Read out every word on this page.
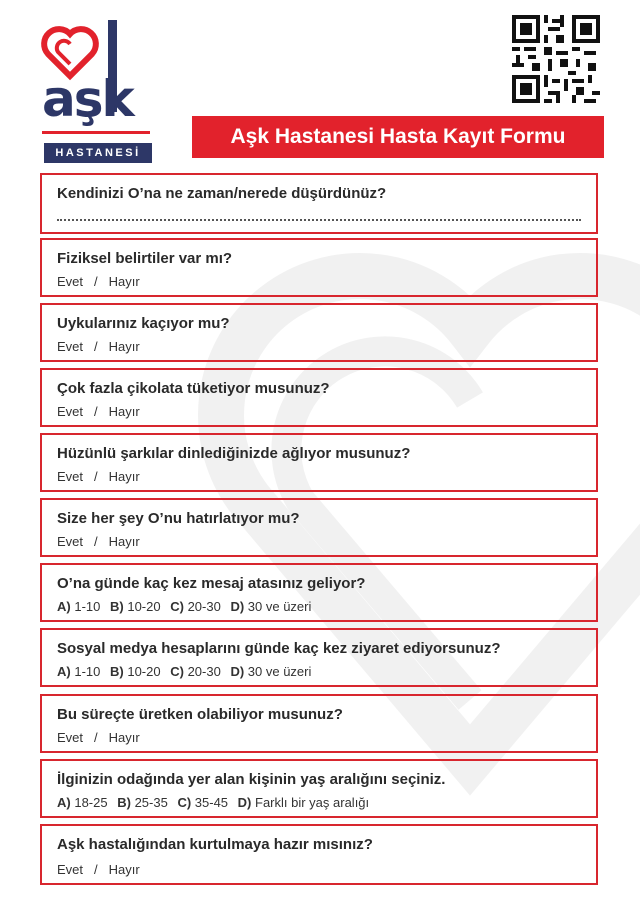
aşk
HASTANESİ
Aşk Hastanesi Hasta Kayıt Formu
Kendinizi O’na ne zaman/nerede düşürdünüz?
Fiziksel belirtiler var mı?
Evet / Hayır
Uykularınız kaçıyor mu?
Evet / Hayır
Çok fazla çikolata tüketiyor musunuz?
Evet / Hayır
Hüzünlü şarkılar dinlediğinizde ağlıyor musunuz?
Evet / Hayır
Size her şey O’nu hatırlatıyor mu?
Evet / Hayır
O’na günde kaç kez mesaj atasınız geliyor?
A) 1-10 B) 10-20 C) 20-30 D) 30 ve üzeri
Sosyal medya hesaplarını günde kaç kez ziyaret ediyorsunuz?
A) 1-10 B) 10-20 C) 20-30 D) 30 ve üzeri
Bu süreçte üretken olabiliyor musunuz?
Evet / Hayır
İlginizin odağında yer alan kişinin yaş aralığını seçiniz.
A) 18-25 B) 25-35 C) 35-45 D) Farklı bir yaş aralığı
Aşk hastalığından kurtulmaya hazır mısınız?
Evet / Hayır
